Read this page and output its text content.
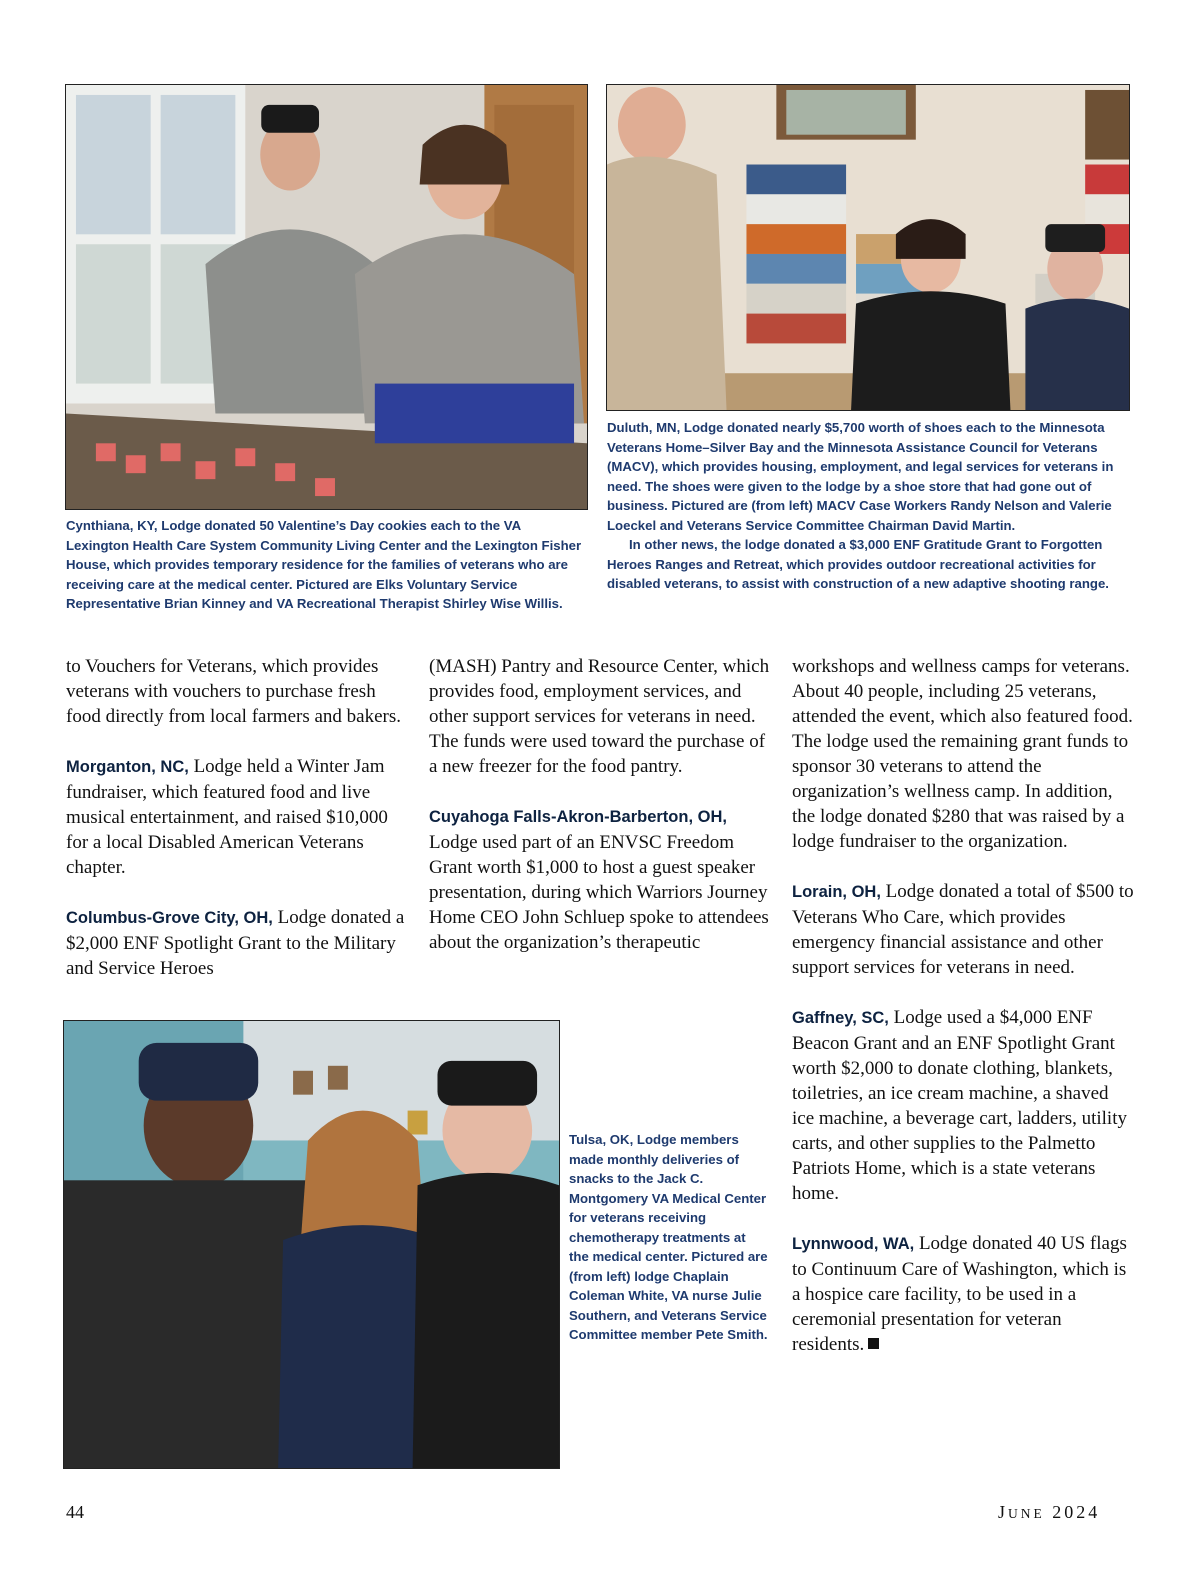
Cynthiana, KY, Lodge donated 50 Valentine’s Day cookies each to the VA Lexington Health Care System Community Living Center and the Lexington Fisher House, which provides temporary residence for the families of veterans who are receiving care at the medical center. Pictured are Elks Voluntary Service Representative Brian Kinney and VA Recreational Therapist Shirley Wise Willis.

Duluth, MN, Lodge donated nearly $5,700 worth of shoes each to the Minnesota Veterans Home–Silver Bay and the Minnesota Assistance Council for Veterans (MACV), which provides housing, employment, and legal services for veterans in need. The shoes were given to the lodge by a shoe store that had gone out of business. Pictured are (from left) MACV Case Workers Randy Nelson and Valerie Loeckel and Veterans Service Committee Chairman David Martin.

In other news, the lodge donated a $3,000 ENF Gratitude Grant to Forgotten Heroes Ranges and Retreat, which provides outdoor recreational activities for disabled veterans, to assist with construction of a new adaptive shooting range.

to Vouchers for Veterans, which provides veterans with vouchers to purchase fresh food directly from local farmers and bakers.

Morganton, NC, Lodge held a Winter Jam fundraiser, which featured food and live musical entertainment, and raised $10,000 for a local Disabled American Veterans chapter.

Columbus-Grove City, OH, Lodge donated a $2,000 ENF Spotlight Grant to the Military and Service Heroes

(MASH) Pantry and Resource Center, which provides food, employment services, and other support services for veterans in need. The funds were used toward the purchase of a new freezer for the food pantry.

Cuyahoga Falls-Akron-Barberton, OH, Lodge used part of an ENVSC Freedom Grant worth $1,000 to host a guest speaker presentation, during which Warriors Journey Home CEO John Schluep spoke to attendees about the organization’s therapeutic

workshops and wellness camps for veterans. About 40 people, including 25 veterans, attended the event, which also featured food. The lodge used the remaining grant funds to sponsor 30 veterans to attend the organization’s wellness camp. In addition, the lodge donated $280 that was raised by a lodge fundraiser to the organization.

Lorain, OH, Lodge donated a total of $500 to Veterans Who Care, which provides emergency financial assistance and other support services for veterans in need.

Gaffney, SC, Lodge used a $4,000 ENF Beacon Grant and an ENF Spotlight Grant worth $2,000 to donate clothing, blankets, toiletries, an ice cream machine, a shaved ice machine, a beverage cart, ladders, utility carts, and other supplies to the Palmetto Patriots Home, which is a state veterans home.

Lynnwood, WA, Lodge donated 40 US flags to Continuum Care of Washington, which is a hospice care facility, to be used in a ceremonial presentation for veteran residents.

Tulsa, OK, Lodge members made monthly deliveries of snacks to the Jack C. Montgomery VA Medical Center for veterans receiving chemotherapy treatments at the medical center. Pictured are (from left) lodge Chaplain Coleman White, VA nurse Julie Southern, and Veterans Service Committee member Pete Smith.

44	JUNE 2024
